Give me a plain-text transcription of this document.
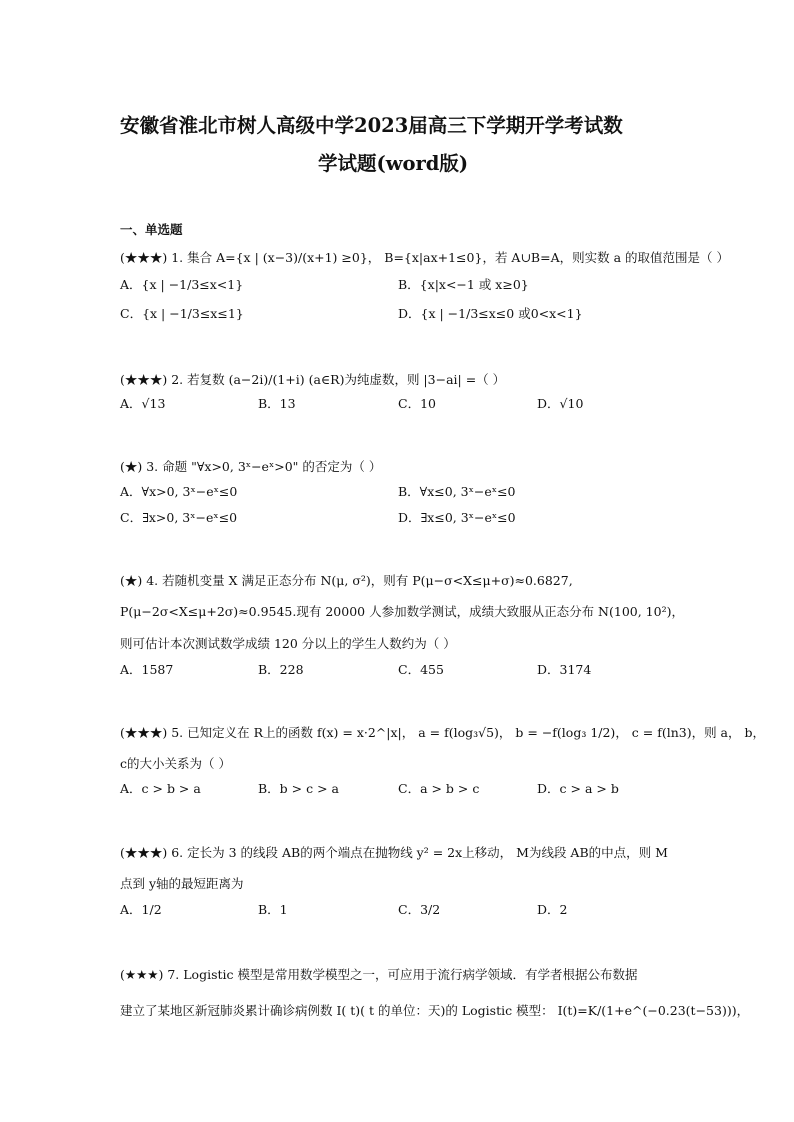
安徽省淮北市树人高级中学2023届高三下学期开学考试数
学试题(word版)
一、单选题
(★★★) 1. 集合 A={x | (x−3)/(x+1) ≥0}， B={x|ax+1≤0}，若 A∪B=A，则实数 a 的取值范围是（ ）
A．{x | −1/3≤x<1}	B．{x|x<−1 或 x≥0}
C．{x | −1/3≤x≤1}	D．{x | −1/3≤x≤0 或0<x<1}
(★★★) 2. 若复数 (a−2i)/(1+i) (a∈R)为纯虚数，则 |3−ai| =（ ）
A．√13	B．13	C．10	D．√10
(★) 3. 命题 "∀x>0, 3ˣ−eˣ>0" 的否定为（ ）
A．∀x>0, 3ˣ−eˣ≤0	B．∀x≤0, 3ˣ−eˣ≤0
C．∃x>0, 3ˣ−eˣ≤0	D．∃x≤0, 3ˣ−eˣ≤0
(★) 4. 若随机变量 X 满足正态分布 N(μ, σ²)，则有 P(μ−σ<X≤μ+σ)≈0.6827,
P(μ−2σ<X≤μ+2σ)≈0.9545.现有 20000 人参加数学测试，成绩大致服从正态分布 N(100, 10²)，
则可估计本次测试数学成绩 120 分以上的学生人数约为（ ）
A．1587	B．228	C．455	D．3174
(★★★) 5. 已知定义在 R上的函数 f(x) = x·2^|x|， a = f(log₃√5)， b = −f(log₃ 1/2)， c = f(ln3)，则 a， b，
c的大小关系为（ ）
A．c > b > a	B．b > c > a	C．a > b > c	D．c > a > b
(★★★) 6. 定长为 3 的线段 AB的两个端点在抛物线 y² = 2x上移动， M为线段 AB的中点，则 M
点到 y轴的最短距离为
A．1/2	B．1	C．3/2	D．2
(★★★) 7. Logistic 模型是常用数学模型之一，可应用于流行病学领域．有学者根据公布数据
建立了某地区新冠肺炎累计确诊病例数 I( t)( t 的单位：天)的 Logistic 模型： I(t)=K/(1+e^(−0.23(t−53)))，
